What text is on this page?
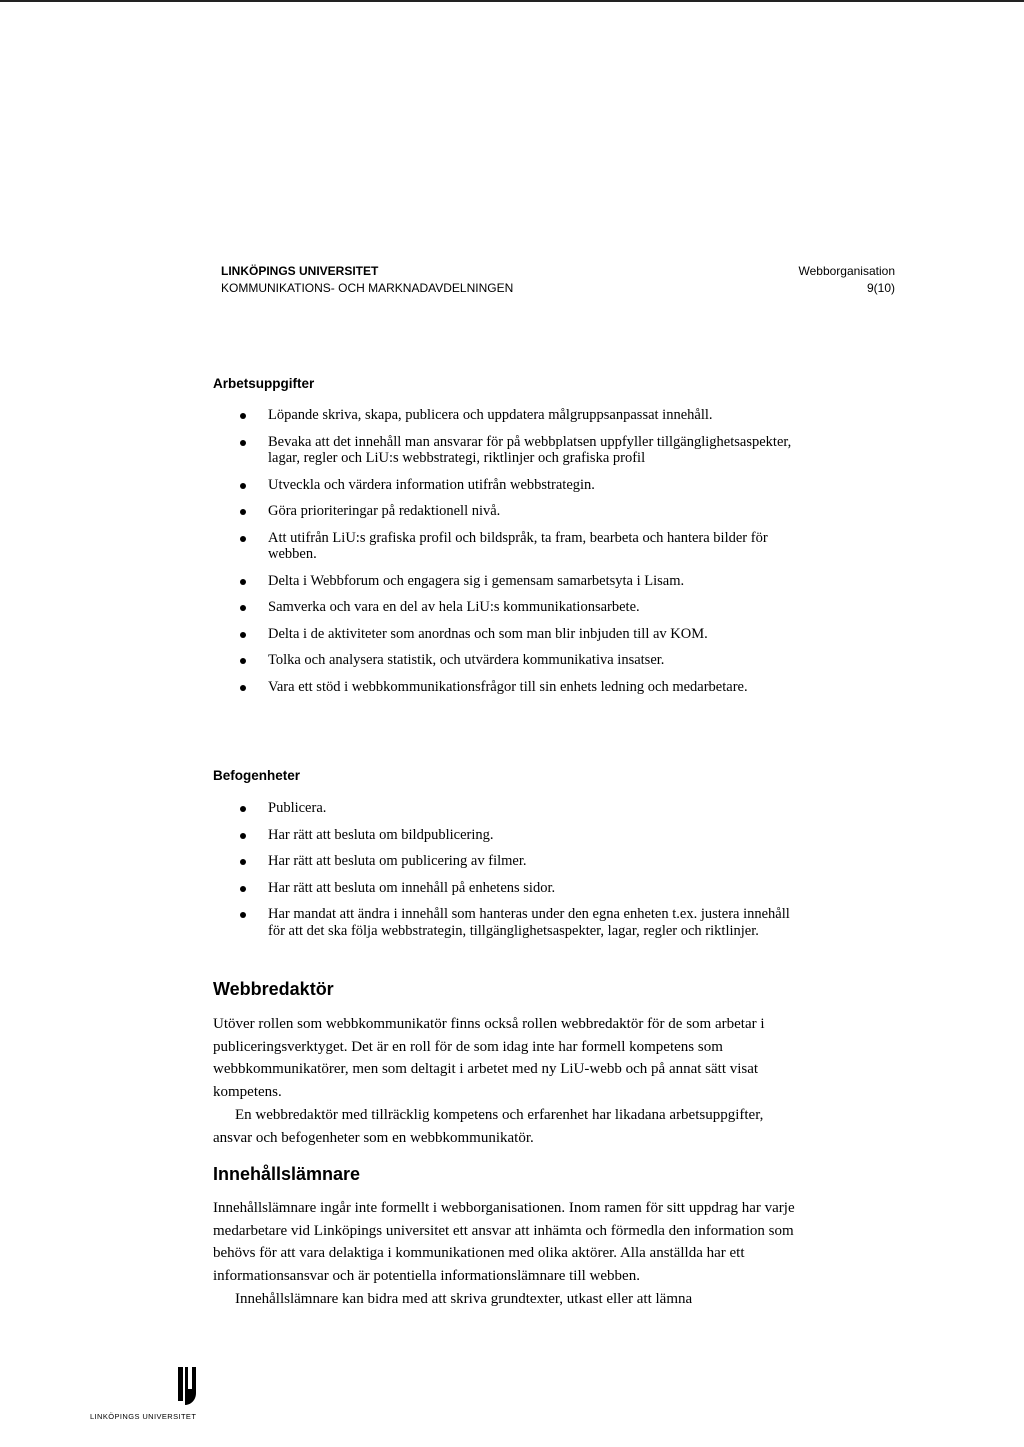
LINKÖPINGS UNIVERSITET
KOMMUNIKATIONS- OCH MARKNADAVDELNINGEN
Webborganisation
9(10)
Arbetsuppgifter
Löpande skriva, skapa, publicera och uppdatera målgruppsanpassat innehåll.
Bevaka att det innehåll man ansvarar för på webbplatsen uppfyller tillgänglighetsaspekter, lagar, regler och LiU:s webbstrategi, riktlinjer och grafiska profil
Utveckla och värdera information utifrån webbstrategin.
Göra prioriteringar på redaktionell nivå.
Att utifrån LiU:s grafiska profil och bildspråk, ta fram, bearbeta och hantera bilder för webben.
Delta i Webbforum och engagera sig i gemensam samarbetsyta i Lisam.
Samverka och vara en del av hela LiU:s kommunikationsarbete.
Delta i de aktiviteter som anordnas och som man blir inbjuden till av KOM.
Tolka och analysera statistik, och utvärdera kommunikativa insatser.
Vara ett stöd i webbkommunikationsfrågor till sin enhets ledning och medarbetare.
Befogenheter
Publicera.
Har rätt att besluta om bildpublicering.
Har rätt att besluta om publicering av filmer.
Har rätt att besluta om innehåll på enhetens sidor.
Har mandat att ändra i innehåll som hanteras under den egna enheten t.ex. justera innehåll för att det ska följa webbstrategin, tillgänglighetsaspekter, lagar, regler och riktlinjer.
Webbredaktör

Utöver rollen som webbkommunikatör finns också rollen webbredaktör för de som arbetar i publiceringsverktyget. Det är en roll för de som idag inte har formell kompetens som webbkommunikatörer, men som deltagit i arbetet med ny LiU-webb och på annat sätt visat kompetens.
En webbredaktör med tillräcklig kompetens och erfarenhet har likadana arbetsuppgifter, ansvar och befogenheter som en webbkommunikatör.

Innehållslämnare

Innehållslämnare ingår inte formellt i webborganisationen. Inom ramen för sitt uppdrag har varje medarbetare vid Linköpings universitet ett ansvar att inhämta och förmedla den information som behövs för att vara delaktiga i kommunikationen med olika aktörer. Alla anställda har ett informationsansvar och är potentiella informationslämnare till webben.
Innehållslämnare kan bidra med att skriva grundtexter, utkast eller att lämna

LINKÖPINGS UNIVERSITET
